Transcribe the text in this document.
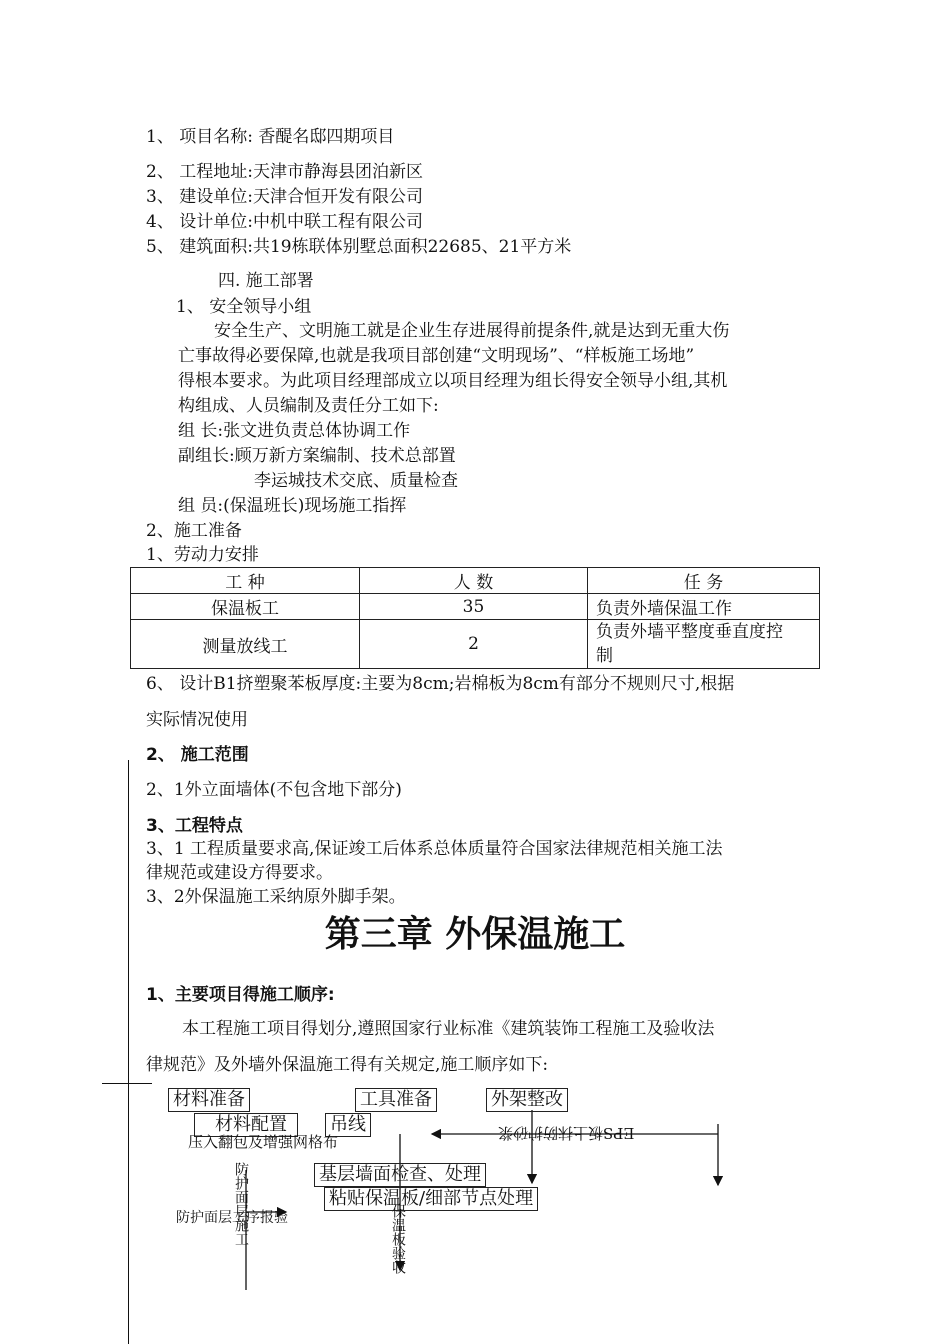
1、 项目名称: 香醍名邸四期项目
2、 工程地址:天津市静海县团泊新区
3、 建设单位:天津合恒开发有限公司
4、 设计单位:中机中联工程有限公司
5、 建筑面积:共19栋联体别墅总面积22685、21平方米
四. 施工部署
1、 安全领导小组
安全生产、文明施工就是企业生存进展得前提条件,就是达到无重大伤
亡事故得必要保障,也就是我项目部创建“文明现场”、“样板施工场地”
得根本要求。为此项目经理部成立以项目经理为组长得安全领导小组,其机
构组成、人员编制及责任分工如下:
组 长:张文进负责总体协调工作
副组长:顾万新方案编制、技术总部置
李运城技术交底、质量检查
组 员:(保温班长)现场施工指挥
2、施工准备
1、劳动力安排
工 种	人 数	任 务
保温板工	35	负责外墙保温工作
测量放线工	2	负责外墙平整度垂直度控
制
6、 设计B1挤塑聚苯板厚度:主要为8cm;岩棉板为8cm有部分不规则尺寸,根据
实际情况使用
2、 施工范围
2、1外立面墙体(不包含地下部分)
3、工程特点
3、1 工程质量要求高,保证竣工后体系总体质量符合国家法律规范相关施工法
律规范或建设方得要求。
3、2外保温施工采纳原外脚手架。
第三章 外保温施工
1、主要项目得施工顺序:
本工程施工项目得划分,遵照国家行业标准《建筑装饰工程施工及验收法
律规范》及外墙外保温施工得有关规定,施工顺序如下:
材料准备	工具准备	外架整改
材料配置	吊线
基层墙面检查、处理
粘贴保温板/细部节点处理
压入翻包及增强网格布	EPS板上抹防护砂浆
防护面层工序报验
防护面层施工	保温板验收
